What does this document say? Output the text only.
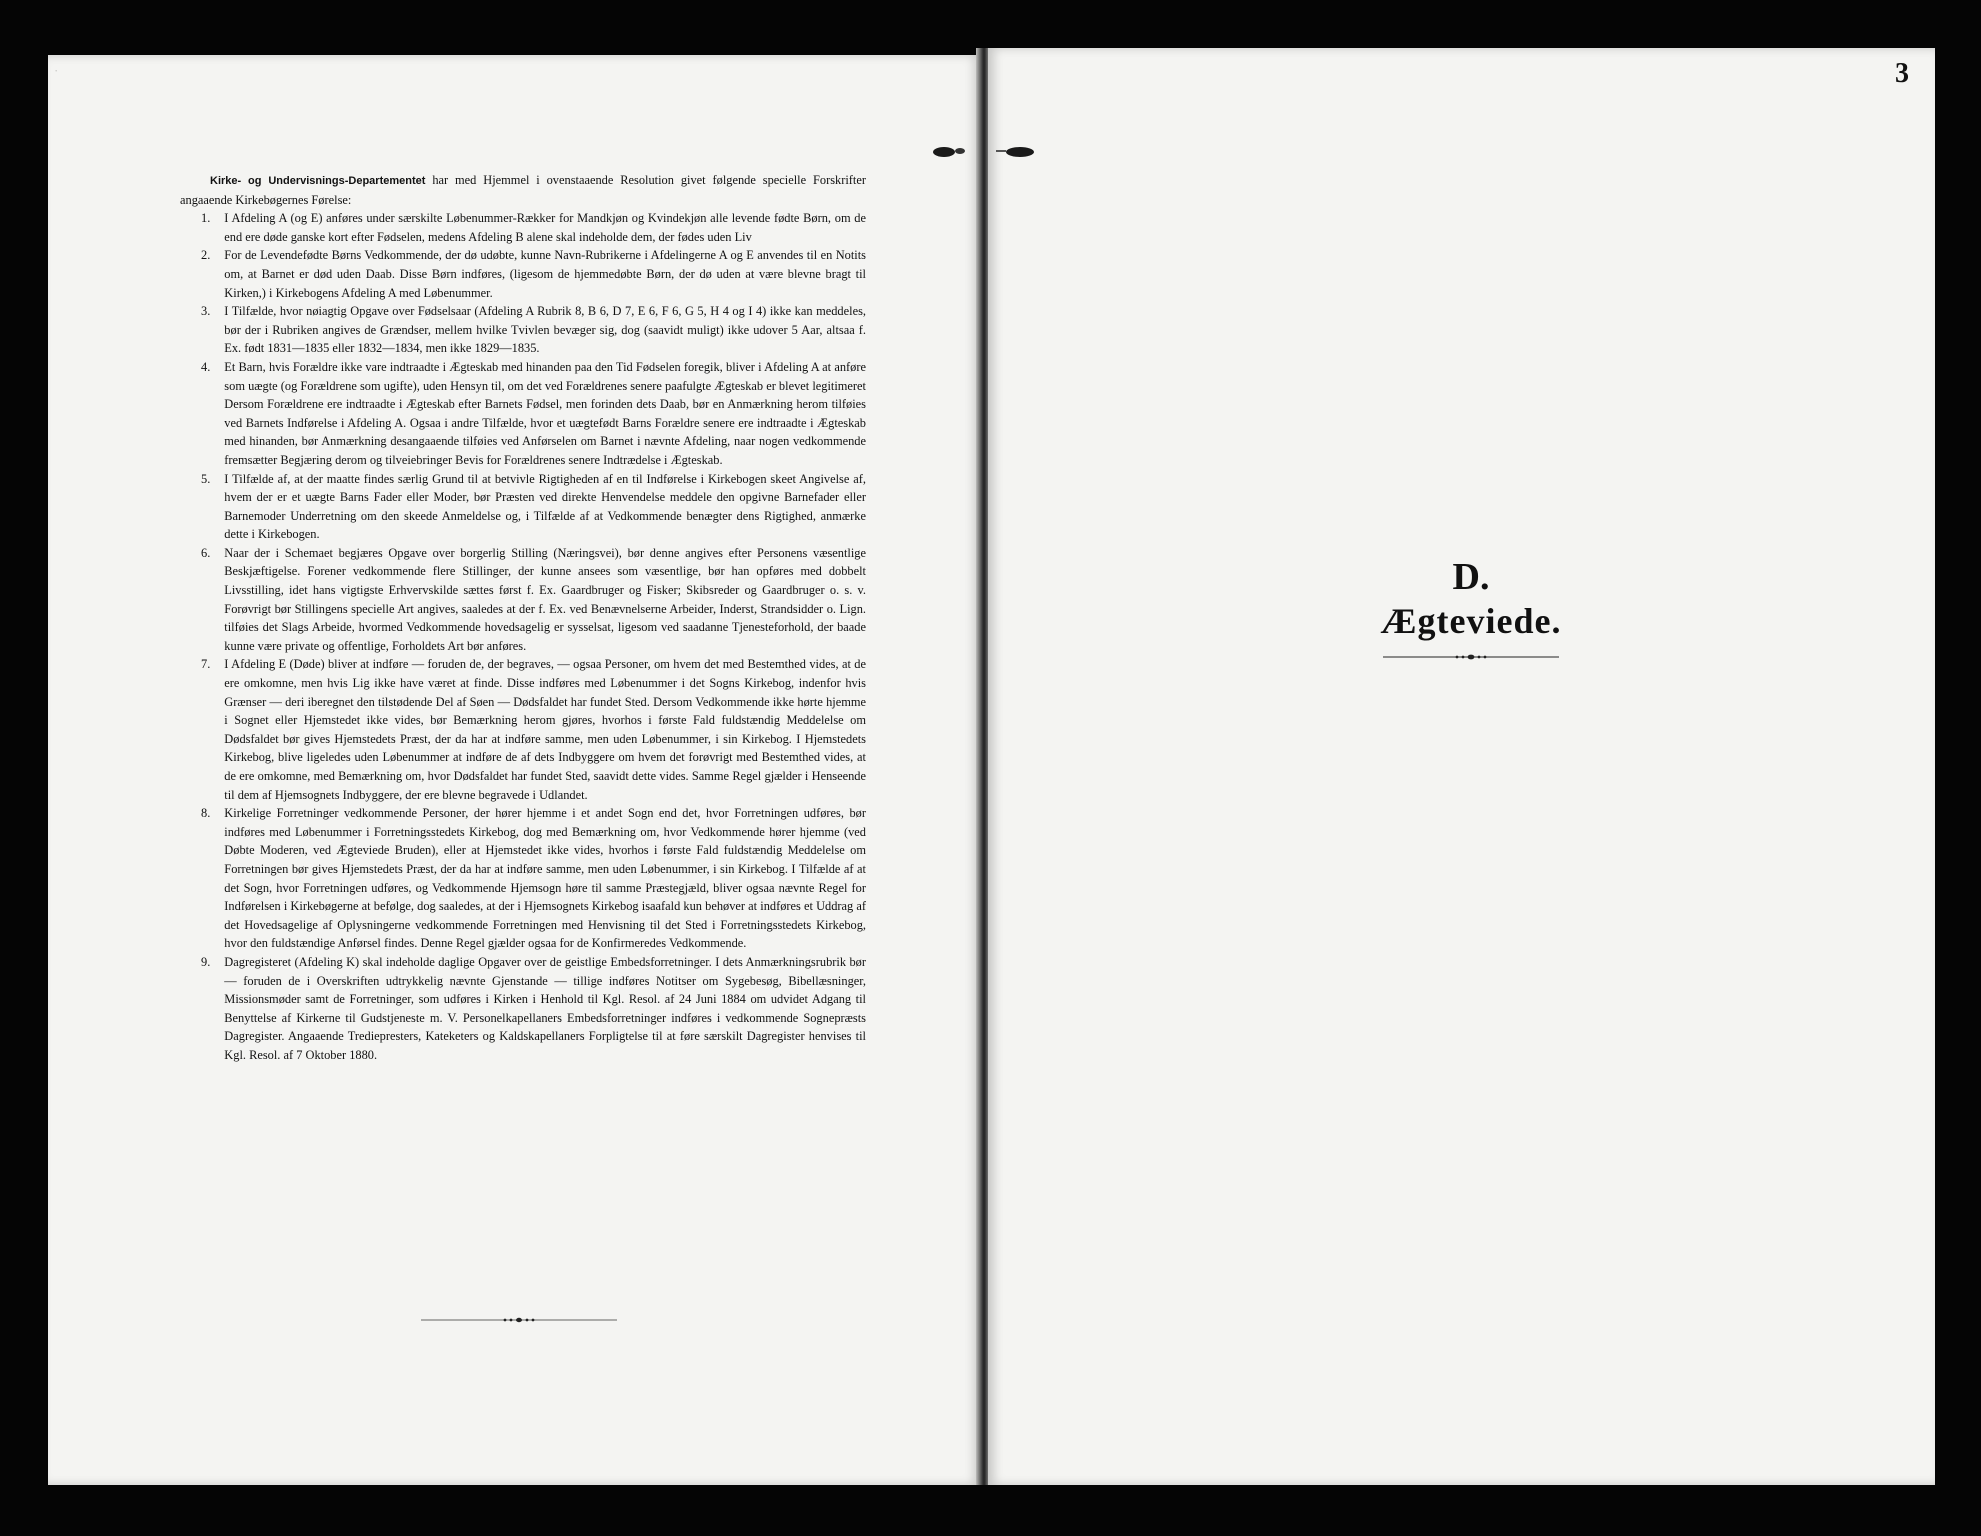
·

Kirke- og Undervisnings-Departementet har med Hjemmel i ovenstaaende Resolution givet følgende specielle Forskrifter angaaende Kirkebøgernes Førelse:

1.	I Afdeling A (og E) anføres under særskilte Løbenummer-Rækker for Mandkjøn og Kvindekjøn alle levende fødte Børn, om de end ere døde ganske kort efter Fødselen, medens Afdeling B alene skal indeholde dem, der fødes uden Liv
2.	For de Levendefødte Børns Vedkommende, der dø udøbte, kunne Navn-Rubrikerne i Afdelingerne A og E anvendes til en Notits om, at Barnet er død uden Daab. Disse Børn indføres, (ligesom de hjemmedøbte Børn, der dø uden at være blevne bragt til Kirken,) i Kirkebogens Afdeling A med Løbenummer.
3.	I Tilfælde, hvor nøiagtig Opgave over Fødselsaar (Afdeling A Rubrik 8, B 6, D 7, E 6, F 6, G 5, H 4 og I 4) ikke kan meddeles, bør der i Rubriken angives de Grændser, mellem hvilke Tvivlen bevæger sig, dog (saavidt muligt) ikke udover 5 Aar, altsaa f. Ex. født 1831—1835 eller 1832—1834, men ikke 1829—1835.
4.	Et Barn, hvis Forældre ikke vare indtraadte i Ægteskab med hinanden paa den Tid Fødselen foregik, bliver i Afdeling A at anføre som uægte (og Forældrene som ugifte), uden Hensyn til, om det ved Forældrenes senere paafulgte Ægteskab er blevet legitimeret Dersom Forældrene ere indtraadte i Ægteskab efter Barnets Fødsel, men forinden dets Daab, bør en Anmærkning herom tilføies ved Barnets Indførelse i Afdeling A. Ogsaa i andre Tilfælde, hvor et uægtefødt Barns Forældre senere ere indtraadte i Ægteskab med hinanden, bør Anmærkning desangaaende tilføies ved Anførselen om Barnet i nævnte Afdeling, naar nogen vedkommende fremsætter Begjæring derom og tilveiebringer Bevis for Forældrenes senere Indtrædelse i Ægteskab.
5.	I Tilfælde af, at der maatte findes særlig Grund til at betvivle Rigtigheden af en til Indførelse i Kirkebogen skeet Angivelse af, hvem der er et uægte Barns Fader eller Moder, bør Præsten ved direkte Henvendelse meddele den opgivne Barnefader eller Barnemoder Underretning om den skeede Anmeldelse og, i Tilfælde af at Vedkommende benægter dens Rigtighed, anmærke dette i Kirkebogen.
6.	Naar der i Schemaet begjæres Opgave over borgerlig Stilling (Næringsvei), bør denne angives efter Personens væsentlige Beskjæftigelse. Forener vedkommende flere Stillinger, der kunne ansees som væsentlige, bør han opføres med dobbelt Livsstilling, idet hans vigtigste Erhvervskilde sættes først f. Ex. Gaardbruger og Fisker; Skibsreder og Gaardbruger o. s. v. Forøvrigt bør Stillingens specielle Art angives, saaledes at der f. Ex. ved Benævnelserne Arbeider, Inderst, Strandsidder o. Lign. tilføies det Slags Arbeide, hvormed Vedkommende hovedsagelig er sysselsat, ligesom ved saadanne Tjenesteforhold, der baade kunne være private og offentlige, Forholdets Art bør anføres.
7.	I Afdeling E (Døde) bliver at indføre — foruden de, der begraves, — ogsaa Personer, om hvem det med Bestemthed vides, at de ere omkomne, men hvis Lig ikke have været at finde. Disse indføres med Løbenummer i det Sogns Kirkebog, indenfor hvis Grænser — deri iberegnet den tilstødende Del af Søen — Dødsfaldet har fundet Sted. Dersom Vedkommende ikke hørte hjemme i Sognet eller Hjemstedet ikke vides, bør Bemærkning herom gjøres, hvorhos i første Fald fuldstændig Meddelelse om Dødsfaldet bør gives Hjemstedets Præst, der da har at indføre samme, men uden Løbenummer, i sin Kirkebog. I Hjemstedets Kirkebog, blive ligeledes uden Løbenummer at indføre de af dets Indbyggere om hvem det forøvrigt med Bestemthed vides, at de ere omkomne, med Bemærkning om, hvor Dødsfaldet har fundet Sted, saavidt dette vides. Samme Regel gjælder i Henseende til dem af Hjemsognets Indbyggere, der ere blevne begravede i Udlandet.
8.	Kirkelige Forretninger vedkommende Personer, der hører hjemme i et andet Sogn end det, hvor Forretningen udføres, bør indføres med Løbenummer i Forretningsstedets Kirkebog, dog med Bemærkning om, hvor Vedkommende hører hjemme (ved Døbte Moderen, ved Ægteviede Bruden), eller at Hjemstedet ikke vides, hvorhos i første Fald fuldstændig Meddelelse om Forretningen bør gives Hjemstedets Præst, der da har at indføre samme, men uden Løbenummer, i sin Kirkebog. I Tilfælde af at det Sogn, hvor Forretningen udføres, og Vedkommende Hjemsogn høre til samme Præstegjæld, bliver ogsaa nævnte Regel for Indførelsen i Kirkebøgerne at befølge, dog saaledes, at der i Hjemsognets Kirkebog isaafald kun behøver at indføres et Uddrag af det Hovedsagelige af Oplysningerne vedkommende Forretningen med Henvisning til det Sted i Forretningsstedets Kirkebog, hvor den fuldstændige Anførsel findes. Denne Regel gjælder ogsaa for de Konfirmeredes Vedkommende.
9.	Dagregisteret (Afdeling K) skal indeholde daglige Opgaver over de geistlige Embedsforretninger. I dets Anmærkningsrubrik bør — foruden de i Overskriften udtrykkelig nævnte Gjenstande — tillige indføres Notitser om Sygebesøg, Bibellæsninger, Missionsmøder samt de Forretninger, som udføres i Kirken i Henhold til Kgl. Resol. af 24 Juni 1884 om udvidet Adgang til Benyttelse af Kirkerne til Gudstjeneste m. V. Personelkapellaners Embedsforretninger indføres i vedkommende Sognepræsts Dagregister. Angaaende Trediepresters, Kateketers og Kaldskapellaners Forpligtelse til at føre særskilt Dagregister henvises til Kgl. Resol. af 7 Oktober 1880.
3
D.
Ægteviede.
